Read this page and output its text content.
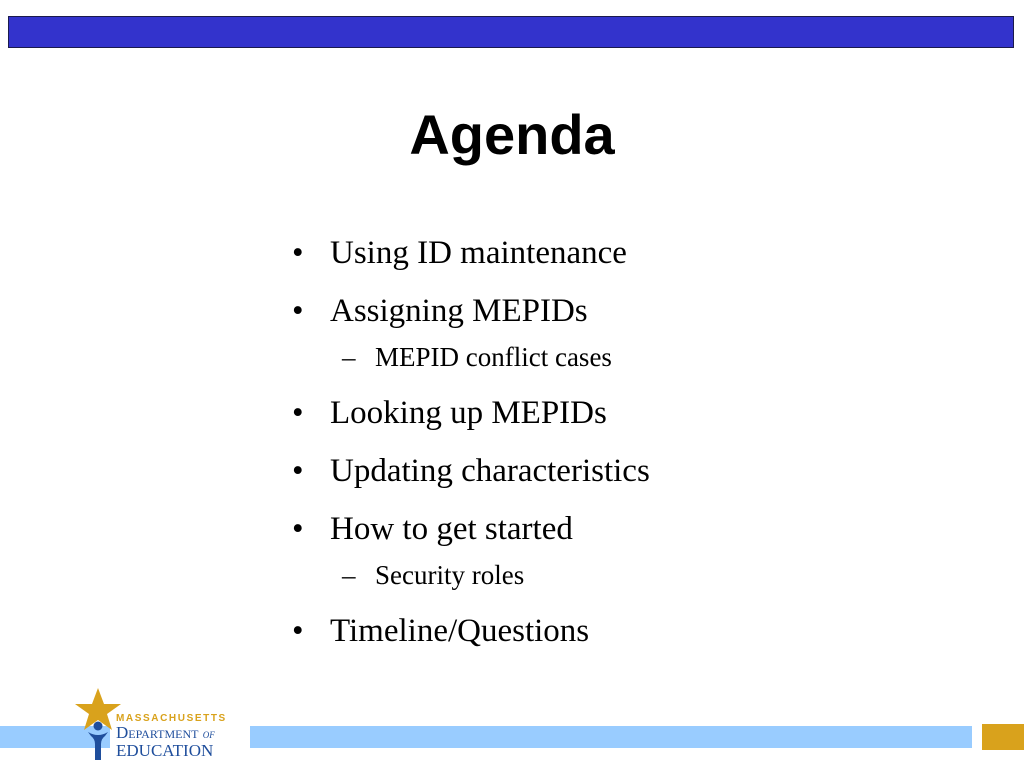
Agenda
• Using ID maintenance
• Assigning MEPIDs
– MEPID conflict cases
• Looking up MEPIDs
• Updating characteristics
• How to get started
– Security roles
• Timeline/Questions
MASSACHUSETTS
Department of
EDUCATION
